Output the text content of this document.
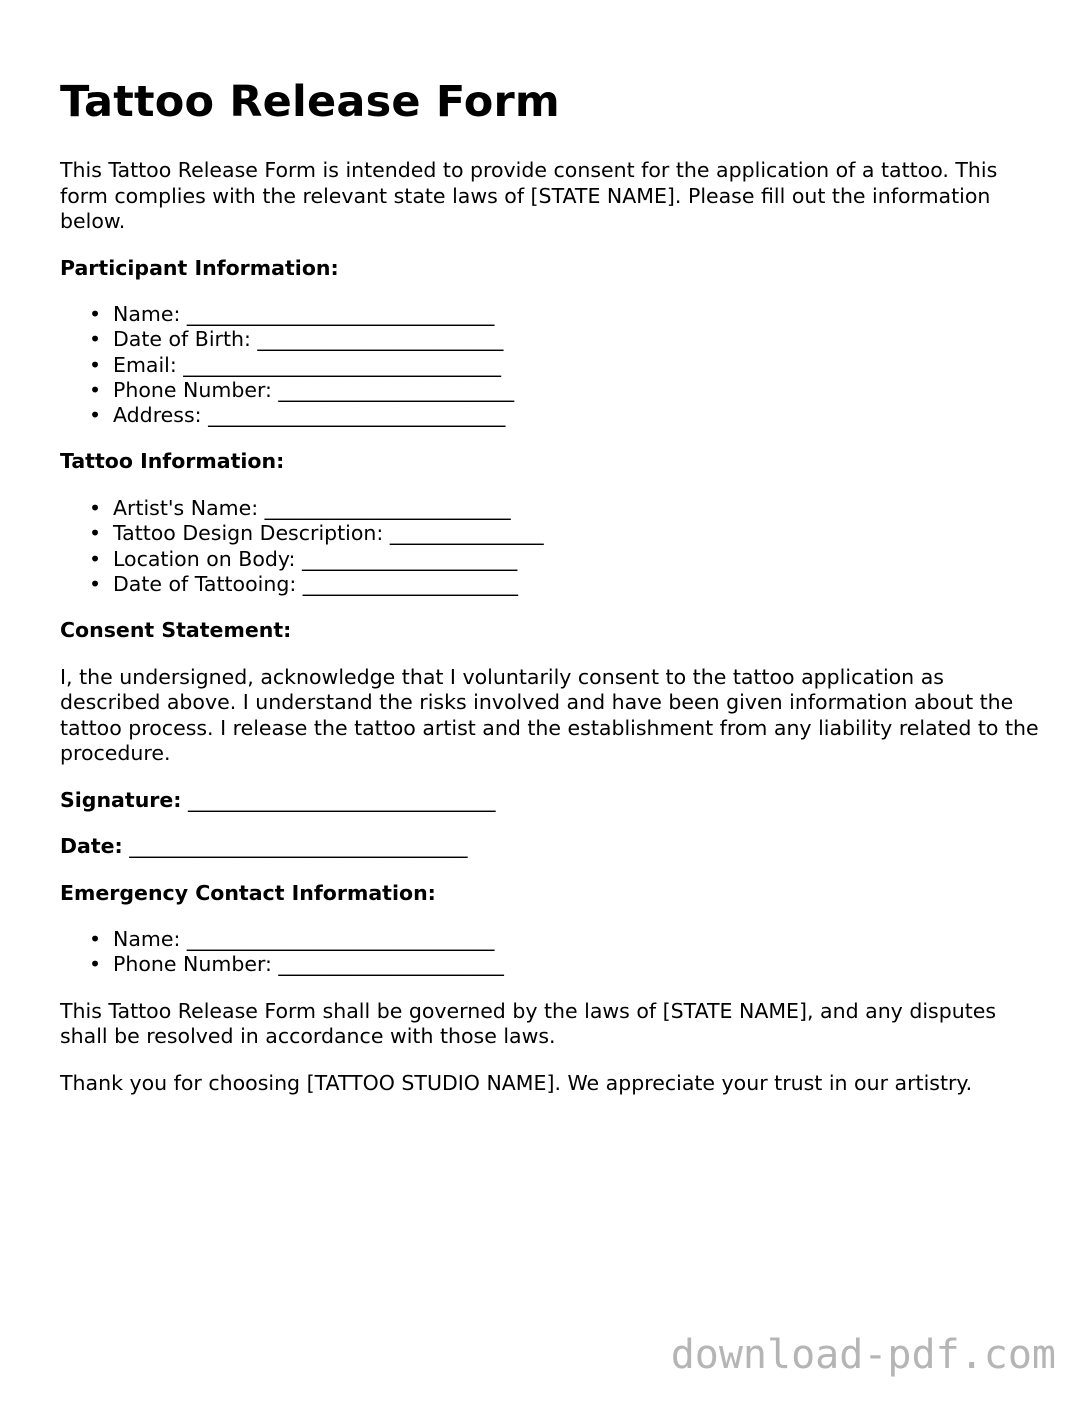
Tattoo Release Form

This Tattoo Release Form is intended to provide consent for the application of a tattoo. This form complies with the relevant state laws of [STATE NAME]. Please fill out the information below.

Participant Information:
• Name: ______________________________
• Date of Birth: ________________________
• Email: _______________________________
• Phone Number: _______________________
• Address: _____________________________
Tattoo Information:
• Artist's Name: ________________________
• Tattoo Design Description: _______________
• Location on Body: _____________________
• Date of Tattooing: _____________________
Consent Statement:

I, the undersigned, acknowledge that I voluntarily consent to the tattoo application as described above. I understand the risks involved and have been given information about the tattoo process. I release the tattoo artist and the establishment from any liability related to the procedure.

Signature: ______________________________
Date: _________________________________
Emergency Contact Information:
• Name: ______________________________
• Phone Number: ______________________

This Tattoo Release Form shall be governed by the laws of [STATE NAME], and any disputes shall be resolved in accordance with those laws.

Thank you for choosing [TATTOO STUDIO NAME]. We appreciate your trust in our artistry.

download-pdf.com
